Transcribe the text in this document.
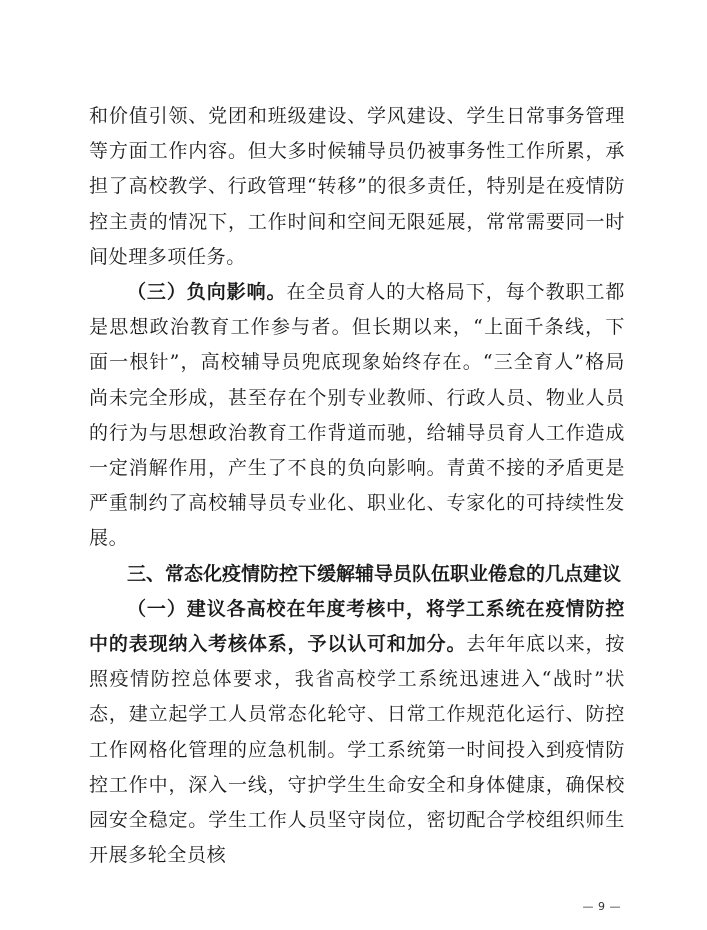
和价值引领、党团和班级建设、学风建设、学生日常事务管理等方面工作内容。但大多时候辅导员仍被事务性工作所累，承担了高校教学、行政管理“转移”的很多责任，特别是在疫情防控主责的情况下，工作时间和空间无限延展，常常需要同一时间处理多项任务。

（三）负向影响。在全员育人的大格局下，每个教职工都是思想政治教育工作参与者。但长期以来，“上面千条线，下面一根针”，高校辅导员兜底现象始终存在。“三全育人”格局尚未完全形成，甚至存在个别专业教师、行政人员、物业人员的行为与思想政治教育工作背道而驰，给辅导员育人工作造成一定消解作用，产生了不良的负向影响。青黄不接的矛盾更是严重制约了高校辅导员专业化、职业化、专家化的可持续性发展。

三、常态化疫情防控下缓解辅导员队伍职业倦怠的几点建议

（一）建议各高校在年度考核中，将学工系统在疫情防控中的表现纳入考核体系，予以认可和加分。去年年底以来，按照疫情防控总体要求，我省高校学工系统迅速进入“战时”状态，建立起学工人员常态化轮守、日常工作规范化运行、防控工作网格化管理的应急机制。学工系统第一时间投入到疫情防控工作中，深入一线，守护学生生命安全和身体健康，确保校园安全稳定。学生工作人员坚守岗位，密切配合学校组织师生开展多轮全员核

— 9 —
